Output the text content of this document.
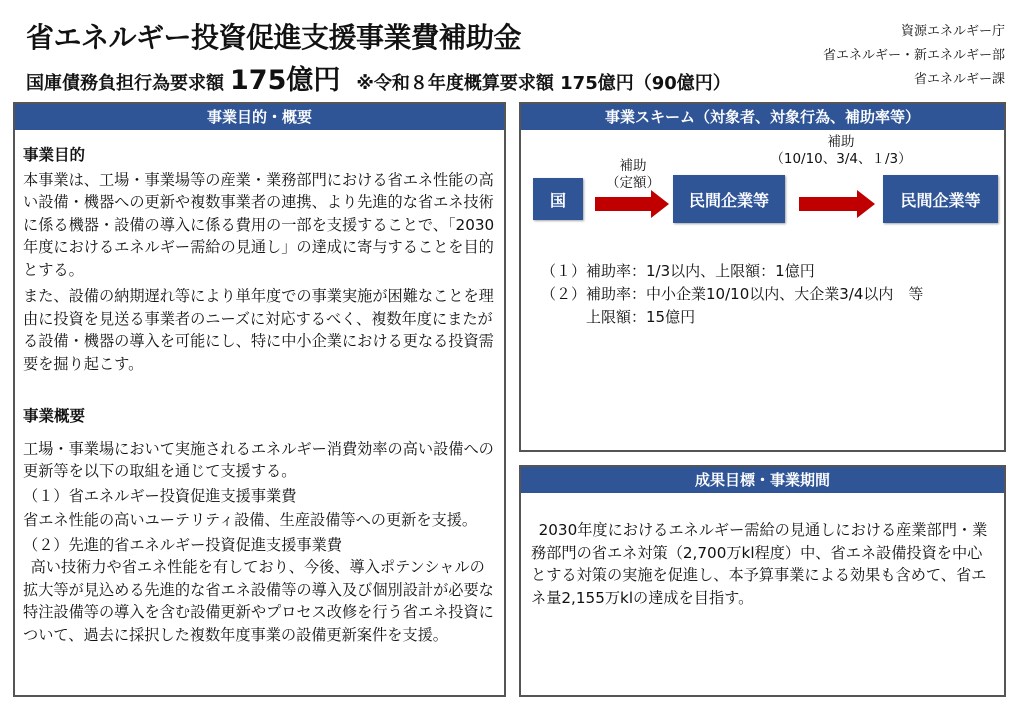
省エネルギー投資促進支援事業費補助金
国庫債務負担行為要求額 175億円 ※令和８年度概算要求額 175億円（90億円）
資源エネルギー庁
省エネルギー・新エネルギー部
省エネルギー課
事業目的・概要
事業目的

本事業は、工場・事業場等の産業・業務部門における省エネ性能の高い設備・機器への更新や複数事業者の連携、より先進的な省エネ技術に係る機器・設備の導入に係る費用の一部を支援することで、「2030年度におけるエネルギー需給の見通し」の達成に寄与することを目的とする。

また、設備の納期遅れ等により単年度での事業実施が困難なことを理由に投資を見送る事業者のニーズに対応するべく、複数年度にまたがる設備・機器の導入を可能にし、特に中小企業における更なる投資需要を掘り起こす。

事業概要

工場・事業場において実施されるエネルギー消費効率の高い設備への更新等を以下の取組を通じて支援する。

（１）省エネルギー投資促進支援事業費
省エネ性能の高いユーテリティ設備、生産設備等への更新を支援。
（２）先進的省エネルギー投資促進支援事業費

高い技術力や省エネ性能を有しており、今後、導入ポテンシャルの拡大等が見込める先進的な省エネ設備等の導入及び個別設計が必要な特注設備等の導入を含む設備更新やプロセス改修を行う省エネ投資について、過去に採択した複数年度事業の設備更新案件を支援。

事業スキーム（対象者、対象行為、補助率等）
国
補助
（定額）
民間企業等
補助
（10/10、3/4、１/3）
民間企業等
（１）補助率：1/3以内、上限額：1億円
（２）補助率：中小企業10/10以内、大企業3/4以内　等
上限額：15億円
成果目標・事業期間

2030年度におけるエネルギー需給の見通しにおける産業部門・業務部門の省エネ対策（2,700万kl程度）中、省エネ設備投資を中心とする対策の実施を促進し、本予算事業による効果も含めて、省エネ量2,155万klの達成を目指す。
